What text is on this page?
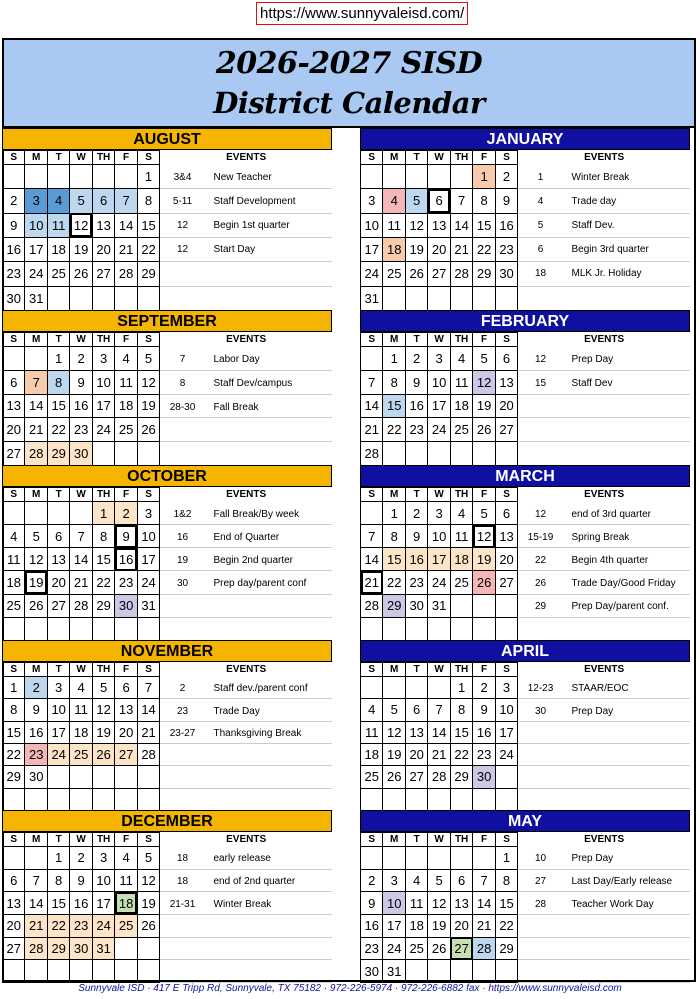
https://www.sunnyvaleisd.com/
2026-2027 SISD
District Calendar
AUGUST
S	M	T	W	TH	F	S	EVENTS
						1	
2	3	4	5	6	7	8	
9	10	11	12	13	14	15	
16	17	18	19	20	21	22	
23	24	25	26	27	28	29	
30	31						
3&4	New Teacher
5-11	Staff Development
12	Begin 1st quarter
12	Start Day
JANUARY
S	M	T	W	TH	F	S	EVENTS
					1	2	
3	4	5	6	7	8	9	
10	11	12	13	14	15	16	
17	18	19	20	21	22	23	
24	25	26	27	28	29	30	
31							
1	Winter Break
4	Trade day
5	Staff Dev.
6	Begin 3rd quarter
18	MLK Jr. Holiday
SEPTEMBER
S	M	T	W	TH	F	S	EVENTS
		1	2	3	4	5	
6	7	8	9	10	11	12	
13	14	15	16	17	18	19	
20	21	22	23	24	25	26	
27	28	29	30				
7	Labor Day
8	Staff Dev/campus
28-30	Fall Break
FEBRUARY
S	M	T	W	TH	F	S	EVENTS
	1	2	3	4	5	6	
7	8	9	10	11	12	13	
14	15	16	17	18	19	20	
21	22	23	24	25	26	27	
28							
12	Prep Day
15	Staff Dev
OCTOBER
S	M	T	W	TH	F	S	EVENTS
				1	2	3	
4	5	6	7	8	9	10	
11	12	13	14	15	16	17	
18	19	20	21	22	23	24	
25	26	27	28	29	30	31	

1&2	Fall Break/By week
16	End of Quarter
19	Begin 2nd quarter
30	Prep day/parent conf
MARCH
S	M	T	W	TH	F	S	EVENTS
	1	2	3	4	5	6	
7	8	9	10	11	12	13	
14	15	16	17	18	19	20	
21	22	23	24	25	26	27	
28	29	30	31				

12	end of 3rd quarter
15-19	Spring Break
22	Begin 4th quarter
26	Trade Day/Good Friday
29	Prep Day/parent conf.
NOVEMBER
S	M	T	W	TH	F	S	EVENTS
1	2	3	4	5	6	7	
8	9	10	11	12	13	14	
15	16	17	18	19	20	21	
22	23	24	25	26	27	28	
29	30						

2	Staff dev./parent conf
23	Trade Day
23-27	Thanksgiving Break
APRIL
S	M	T	W	TH	F	S	EVENTS
				1	2	3	
4	5	6	7	8	9	10	
11	12	13	14	15	16	17	
18	19	20	21	22	23	24	
25	26	27	28	29	30		

12-23	STAAR/EOC
30	Prep Day
DECEMBER
S	M	T	W	TH	F	S	EVENTS
		1	2	3	4	5	
6	7	8	9	10	11	12	
13	14	15	16	17	18	19	
20	21	22	23	24	25	26	
27	28	29	30	31			

18	early release
18	end of 2nd quarter
21-31	Winter Break
MAY
S	M	T	W	TH	F	S	EVENTS
						1	
2	3	4	5	6	7	8	
9	10	11	12	13	14	15	
16	17	18	19	20	21	22	
23	24	25	26	27	28	29	
30	31						
10	Prep Day
27	Last Day/Early release
28	Teacher Work Day
Sunnyvale ISD · 417 E Tripp Rd, Sunnyvale, TX 75182 · 972-226-5974 · 972-226-6882 fax · https://www.sunnyvaleisd.com
